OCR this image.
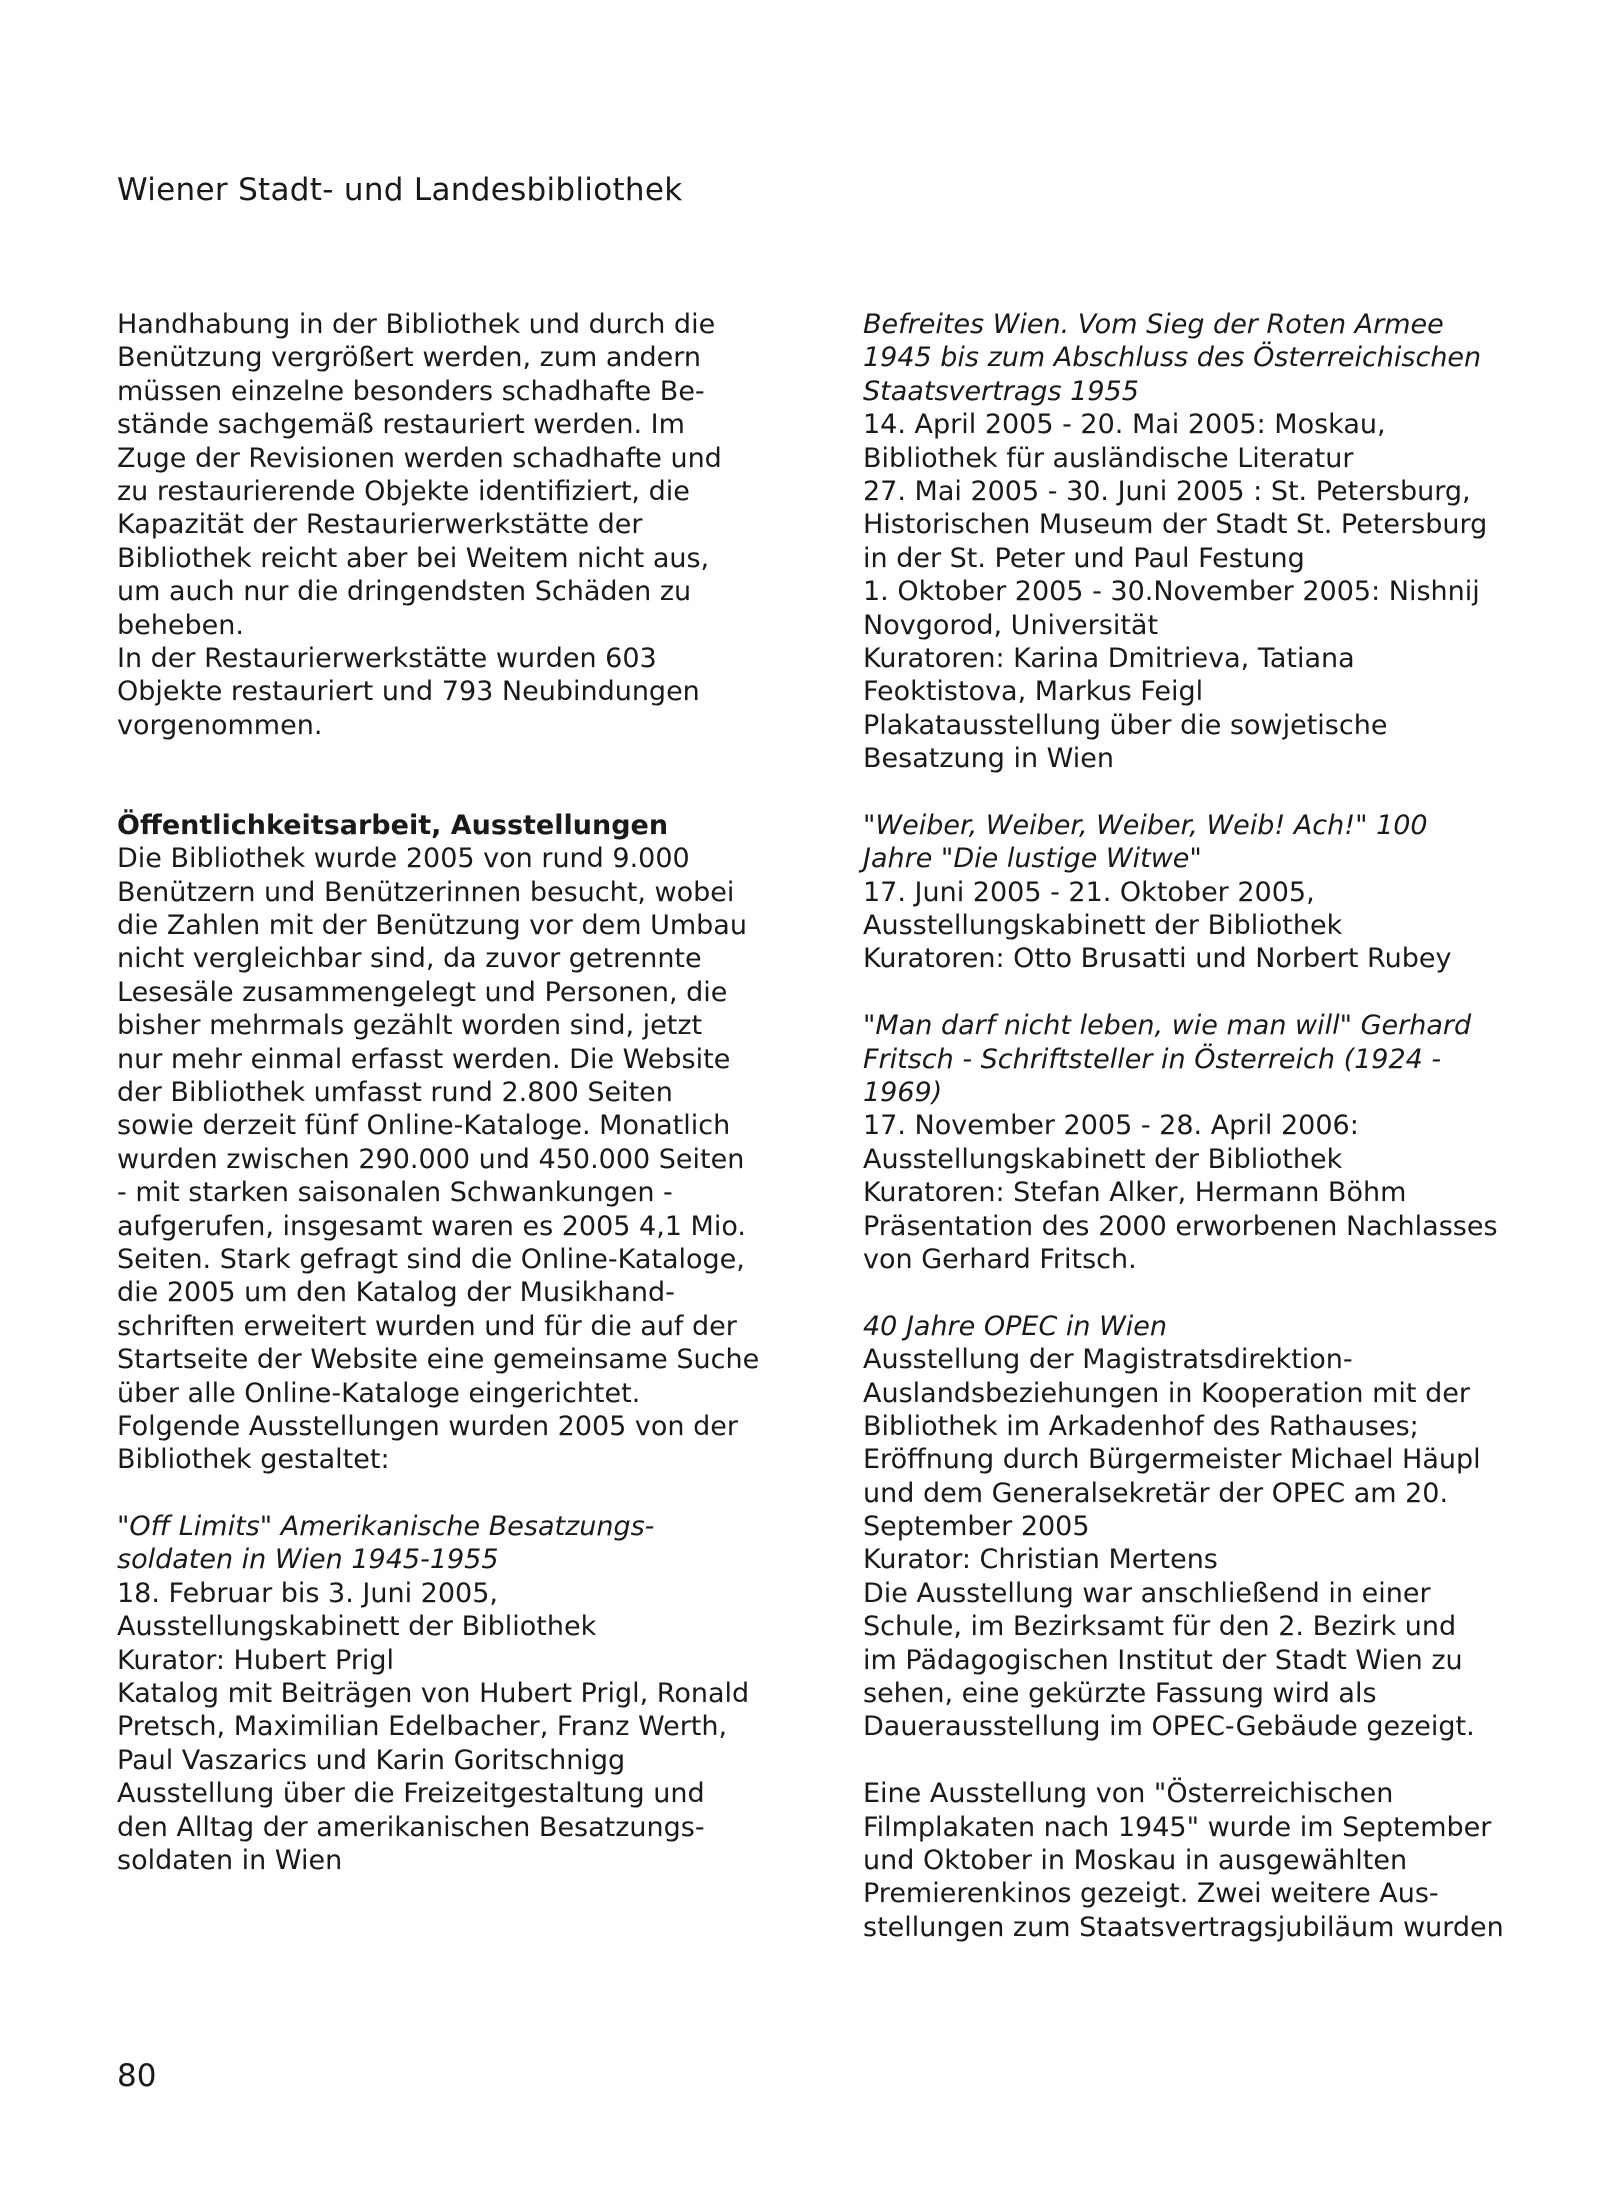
Wiener Stadt- und Landesbibliothek
Handhabung in der Bibliothek und durch die
Benützung vergrößert werden, zum andern
müssen einzelne besonders schadhafte Be-
stände sachgemäß restauriert werden. Im
Zuge der Revisionen werden schadhafte und
zu restaurierende Objekte identifiziert, die
Kapazität der Restaurierwerkstätte der
Bibliothek reicht aber bei Weitem nicht aus,
um auch nur die dringendsten Schäden zu
beheben.
In der Restaurierwerkstätte wurden 603
Objekte restauriert und 793 Neubindungen
vorgenommen.
Öffentlichkeitsarbeit, Ausstellungen
Die Bibliothek wurde 2005 von rund 9.000
Benützern und Benützerinnen besucht, wobei
die Zahlen mit der Benützung vor dem Umbau
nicht vergleichbar sind, da zuvor getrennte
Lesesäle zusammengelegt und Personen, die
bisher mehrmals gezählt worden sind, jetzt
nur mehr einmal erfasst werden. Die Website
der Bibliothek umfasst rund 2.800 Seiten
sowie derzeit fünf Online-Kataloge. Monatlich
wurden zwischen 290.000 und 450.000 Seiten
- mit starken saisonalen Schwankungen -
aufgerufen, insgesamt waren es 2005 4,1 Mio.
Seiten. Stark gefragt sind die Online-Kataloge,
die 2005 um den Katalog der Musikhand-
schriften erweitert wurden und für die auf der
Startseite der Website eine gemeinsame Suche
über alle Online-Kataloge eingerichtet.
Folgende Ausstellungen wurden 2005 von der
Bibliothek gestaltet:
"Off Limits" Amerikanische Besatzungs-
soldaten in Wien 1945-1955
18. Februar bis 3. Juni 2005,
Ausstellungskabinett der Bibliothek
Kurator: Hubert Prigl
Katalog mit Beiträgen von Hubert Prigl, Ronald
Pretsch, Maximilian Edelbacher, Franz Werth,
Paul Vaszarics und Karin Goritschnigg
Ausstellung über die Freizeitgestaltung und
den Alltag der amerikanischen Besatzungs-
soldaten in Wien
Befreites Wien. Vom Sieg der Roten Armee
1945 bis zum Abschluss des Österreichischen
Staatsvertrags 1955
14. April 2005 - 20. Mai 2005: Moskau,
Bibliothek für ausländische Literatur
27. Mai 2005 - 30. Juni 2005 : St. Petersburg,
Historischen Museum der Stadt St. Petersburg
in der St. Peter und Paul Festung
1. Oktober 2005 - 30.November 2005: Nishnij
Novgorod, Universität
Kuratoren: Karina Dmitrieva, Tatiana
Feoktistova, Markus Feigl
Plakatausstellung über die sowjetische
Besatzung in Wien
"Weiber, Weiber, Weiber, Weib! Ach!" 100
Jahre "Die lustige Witwe"
17. Juni 2005 - 21. Oktober 2005,
Ausstellungskabinett der Bibliothek
Kuratoren: Otto Brusatti und Norbert Rubey
"Man darf nicht leben, wie man will" Gerhard
Fritsch - Schriftsteller in Österreich (1924 -
1969)
17. November 2005 - 28. April 2006:
Ausstellungskabinett der Bibliothek
Kuratoren: Stefan Alker, Hermann Böhm
Präsentation des 2000 erworbenen Nachlasses
von Gerhard Fritsch.
40 Jahre OPEC in Wien
Ausstellung der Magistratsdirektion-
Auslandsbeziehungen in Kooperation mit der
Bibliothek im Arkadenhof des Rathauses;
Eröffnung durch Bürgermeister Michael Häupl
und dem Generalsekretär der OPEC am 20.
September 2005
Kurator: Christian Mertens
Die Ausstellung war anschließend in einer
Schule, im Bezirksamt für den 2. Bezirk und
im Pädagogischen Institut der Stadt Wien zu
sehen, eine gekürzte Fassung wird als
Dauerausstellung im OPEC-Gebäude gezeigt.
Eine Ausstellung von "Österreichischen
Filmplakaten nach 1945" wurde im September
und Oktober in Moskau in ausgewählten
Premierenkinos gezeigt. Zwei weitere Aus-
stellungen zum Staatsvertragsjubiläum wurden
80
